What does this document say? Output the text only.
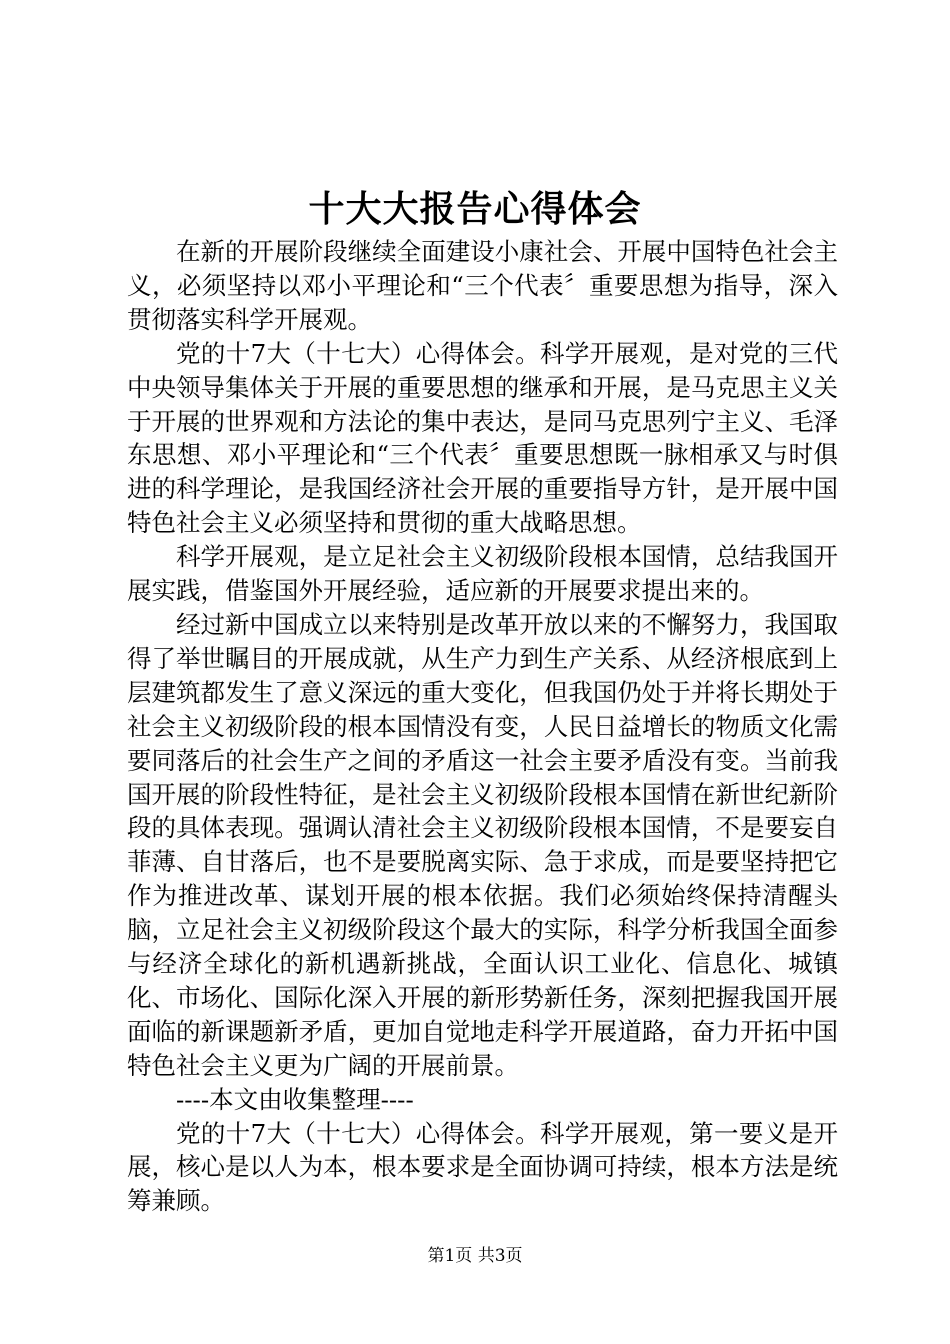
十大大报告心得体会

在新的开展阶段继续全面建设小康社会、开展中国特色社会主义，必须坚持以邓小平理论和“三个代表〞重要思想为指导，深入贯彻落实科学开展观。

党的十7大（十七大）心得体会。科学开展观，是对党的三代中央领导集体关于开展的重要思想的继承和开展，是马克思主义关于开展的世界观和方法论的集中表达，是同马克思列宁主义、毛泽东思想、邓小平理论和“三个代表〞重要思想既一脉相承又与时俱进的科学理论，是我国经济社会开展的重要指导方针，是开展中国特色社会主义必须坚持和贯彻的重大战略思想。

科学开展观，是立足社会主义初级阶段根本国情，总结我国开展实践，借鉴国外开展经验，适应新的开展要求提出来的。

经过新中国成立以来特别是改革开放以来的不懈努力，我国取得了举世瞩目的开展成就，从生产力到生产关系、从经济根底到上层建筑都发生了意义深远的重大变化，但我国仍处于并将长期处于社会主义初级阶段的根本国情没有变，人民日益增长的物质文化需要同落后的社会生产之间的矛盾这一社会主要矛盾没有变。当前我国开展的阶段性特征，是社会主义初级阶段根本国情在新世纪新阶段的具体表现。强调认清社会主义初级阶段根本国情，不是要妄自菲薄、自甘落后，也不是要脱离实际、急于求成，而是要坚持把它作为推进改革、谋划开展的根本依据。我们必须始终保持清醒头脑，立足社会主义初级阶段这个最大的实际，科学分析我国全面参与经济全球化的新机遇新挑战，全面认识工业化、信息化、城镇化、市场化、国际化深入开展的新形势新任务，深刻把握我国开展面临的新课题新矛盾，更加自觉地走科学开展道路，奋力开拓中国特色社会主义更为广阔的开展前景。

----本文由收集整理----

党的十7大（十七大）心得体会。科学开展观，第一要义是开展，核心是以人为本，根本要求是全面协调可持续，根本方法是统筹兼顾。

第1页 共3页
